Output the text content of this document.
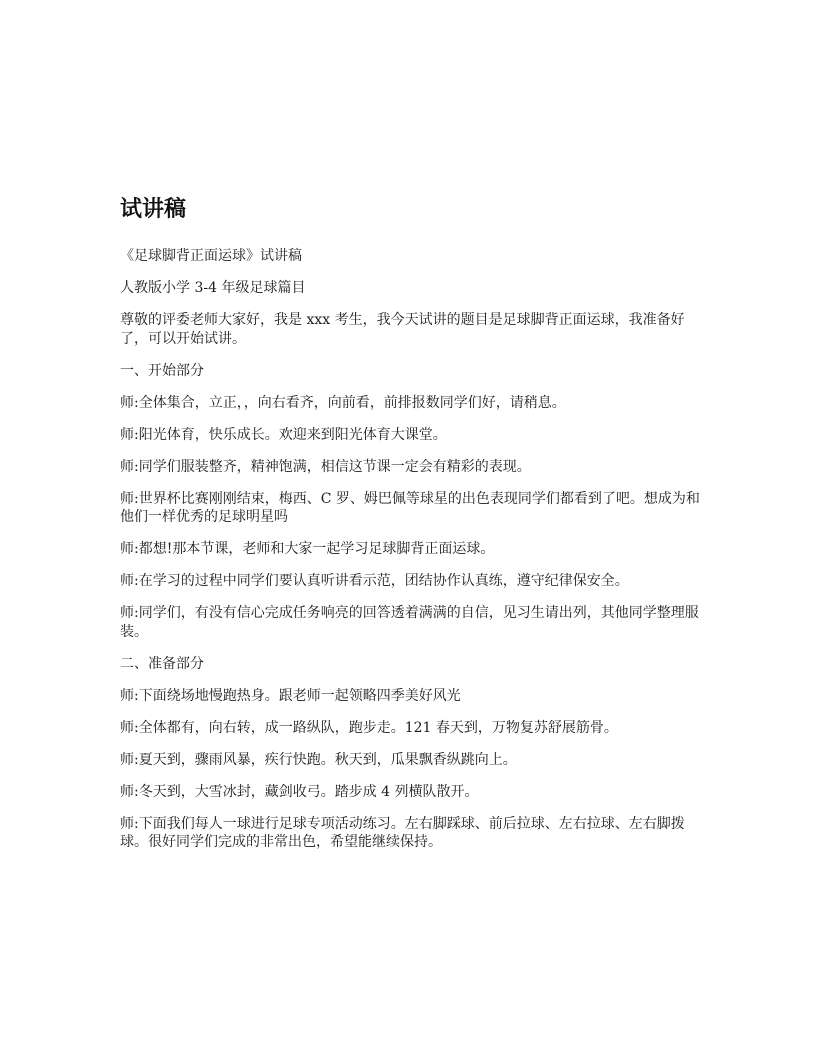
试讲稿

《足球脚背正面运球》试讲稿

人教版小学 3-4 年级足球篇目

尊敬的评委老师大家好，我是 xxx 考生，我今天试讲的题目是足球脚背正面运球，我准备好了，可以开始试讲。

一、开始部分

师:全体集合，立正，，向右看齐，向前看，前排报数同学们好，请稍息。

师:阳光体育，快乐成长。欢迎来到阳光体育大课堂。

师:同学们服装整齐，精神饱满，相信这节课一定会有精彩的表现。

师:世界杯比赛刚刚结束，梅西、C 罗、姆巴佩等球星的出色表现同学们都看到了吧。想成为和他们一样优秀的足球明星吗

师:都想!那本节课，老师和大家一起学习足球脚背正面运球。

师:在学习的过程中同学们要认真听讲看示范，团结协作认真练，遵守纪律保安全。

师:同学们，有没有信心完成任务响亮的回答透着满满的自信，见习生请出列，其他同学整理服装。

二、准备部分

师:下面绕场地慢跑热身。跟老师一起领略四季美好风光

师:全体都有，向右转，成一路纵队，跑步走。121 春天到，万物复苏舒展筋骨。

师:夏天到，骤雨风暴，疾行快跑。秋天到，瓜果飘香纵跳向上。

师:冬天到，大雪冰封，藏剑收弓。踏步成 4 列横队散开。

师:下面我们每人一球进行足球专项活动练习。左右脚踩球、前后拉球、左右拉球、左右脚拨球。很好同学们完成的非常出色，希望能继续保持。
